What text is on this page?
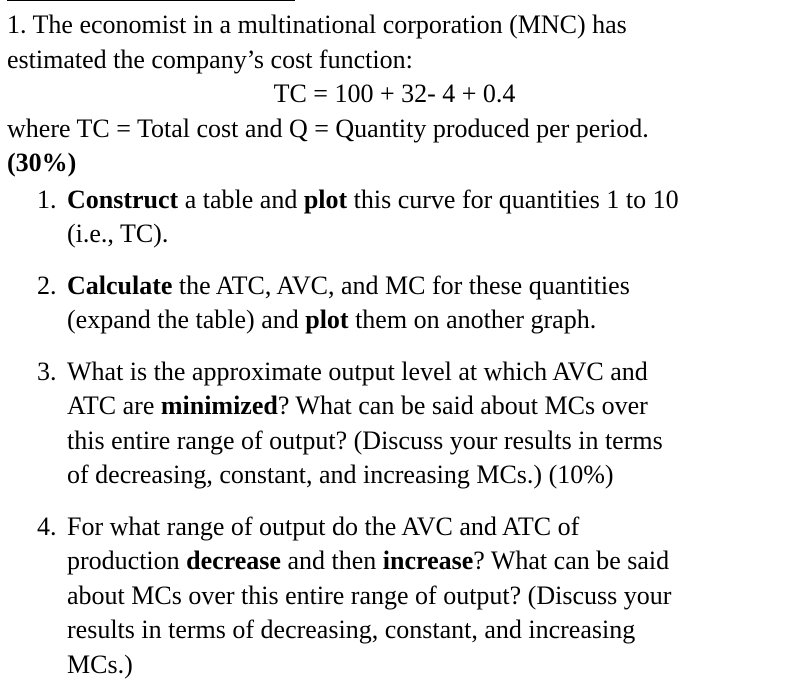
1. The economist in a multinational corporation (MNC) has

estimated the company’s cost function:

TC = 100 + 32- 4 + 0.4

where TC = Total cost and Q = Quantity produced per period.

(30%)

1. Construct a table and plot this curve for quantities 1 to 10
(i.e., TC).
2. Calculate the ATC, AVC, and MC for these quantities
(expand the table) and plot them on another graph.
3. What is the approximate output level at which AVC and
ATC are minimized? What can be said about MCs over
this entire range of output? (Discuss your results in terms
of decreasing, constant, and increasing MCs.) (10%)
4. For what range of output do the AVC and ATC of
production decrease and then increase? What can be said
about MCs over this entire range of output? (Discuss your
results in terms of decreasing, constant, and increasing
MCs.)
